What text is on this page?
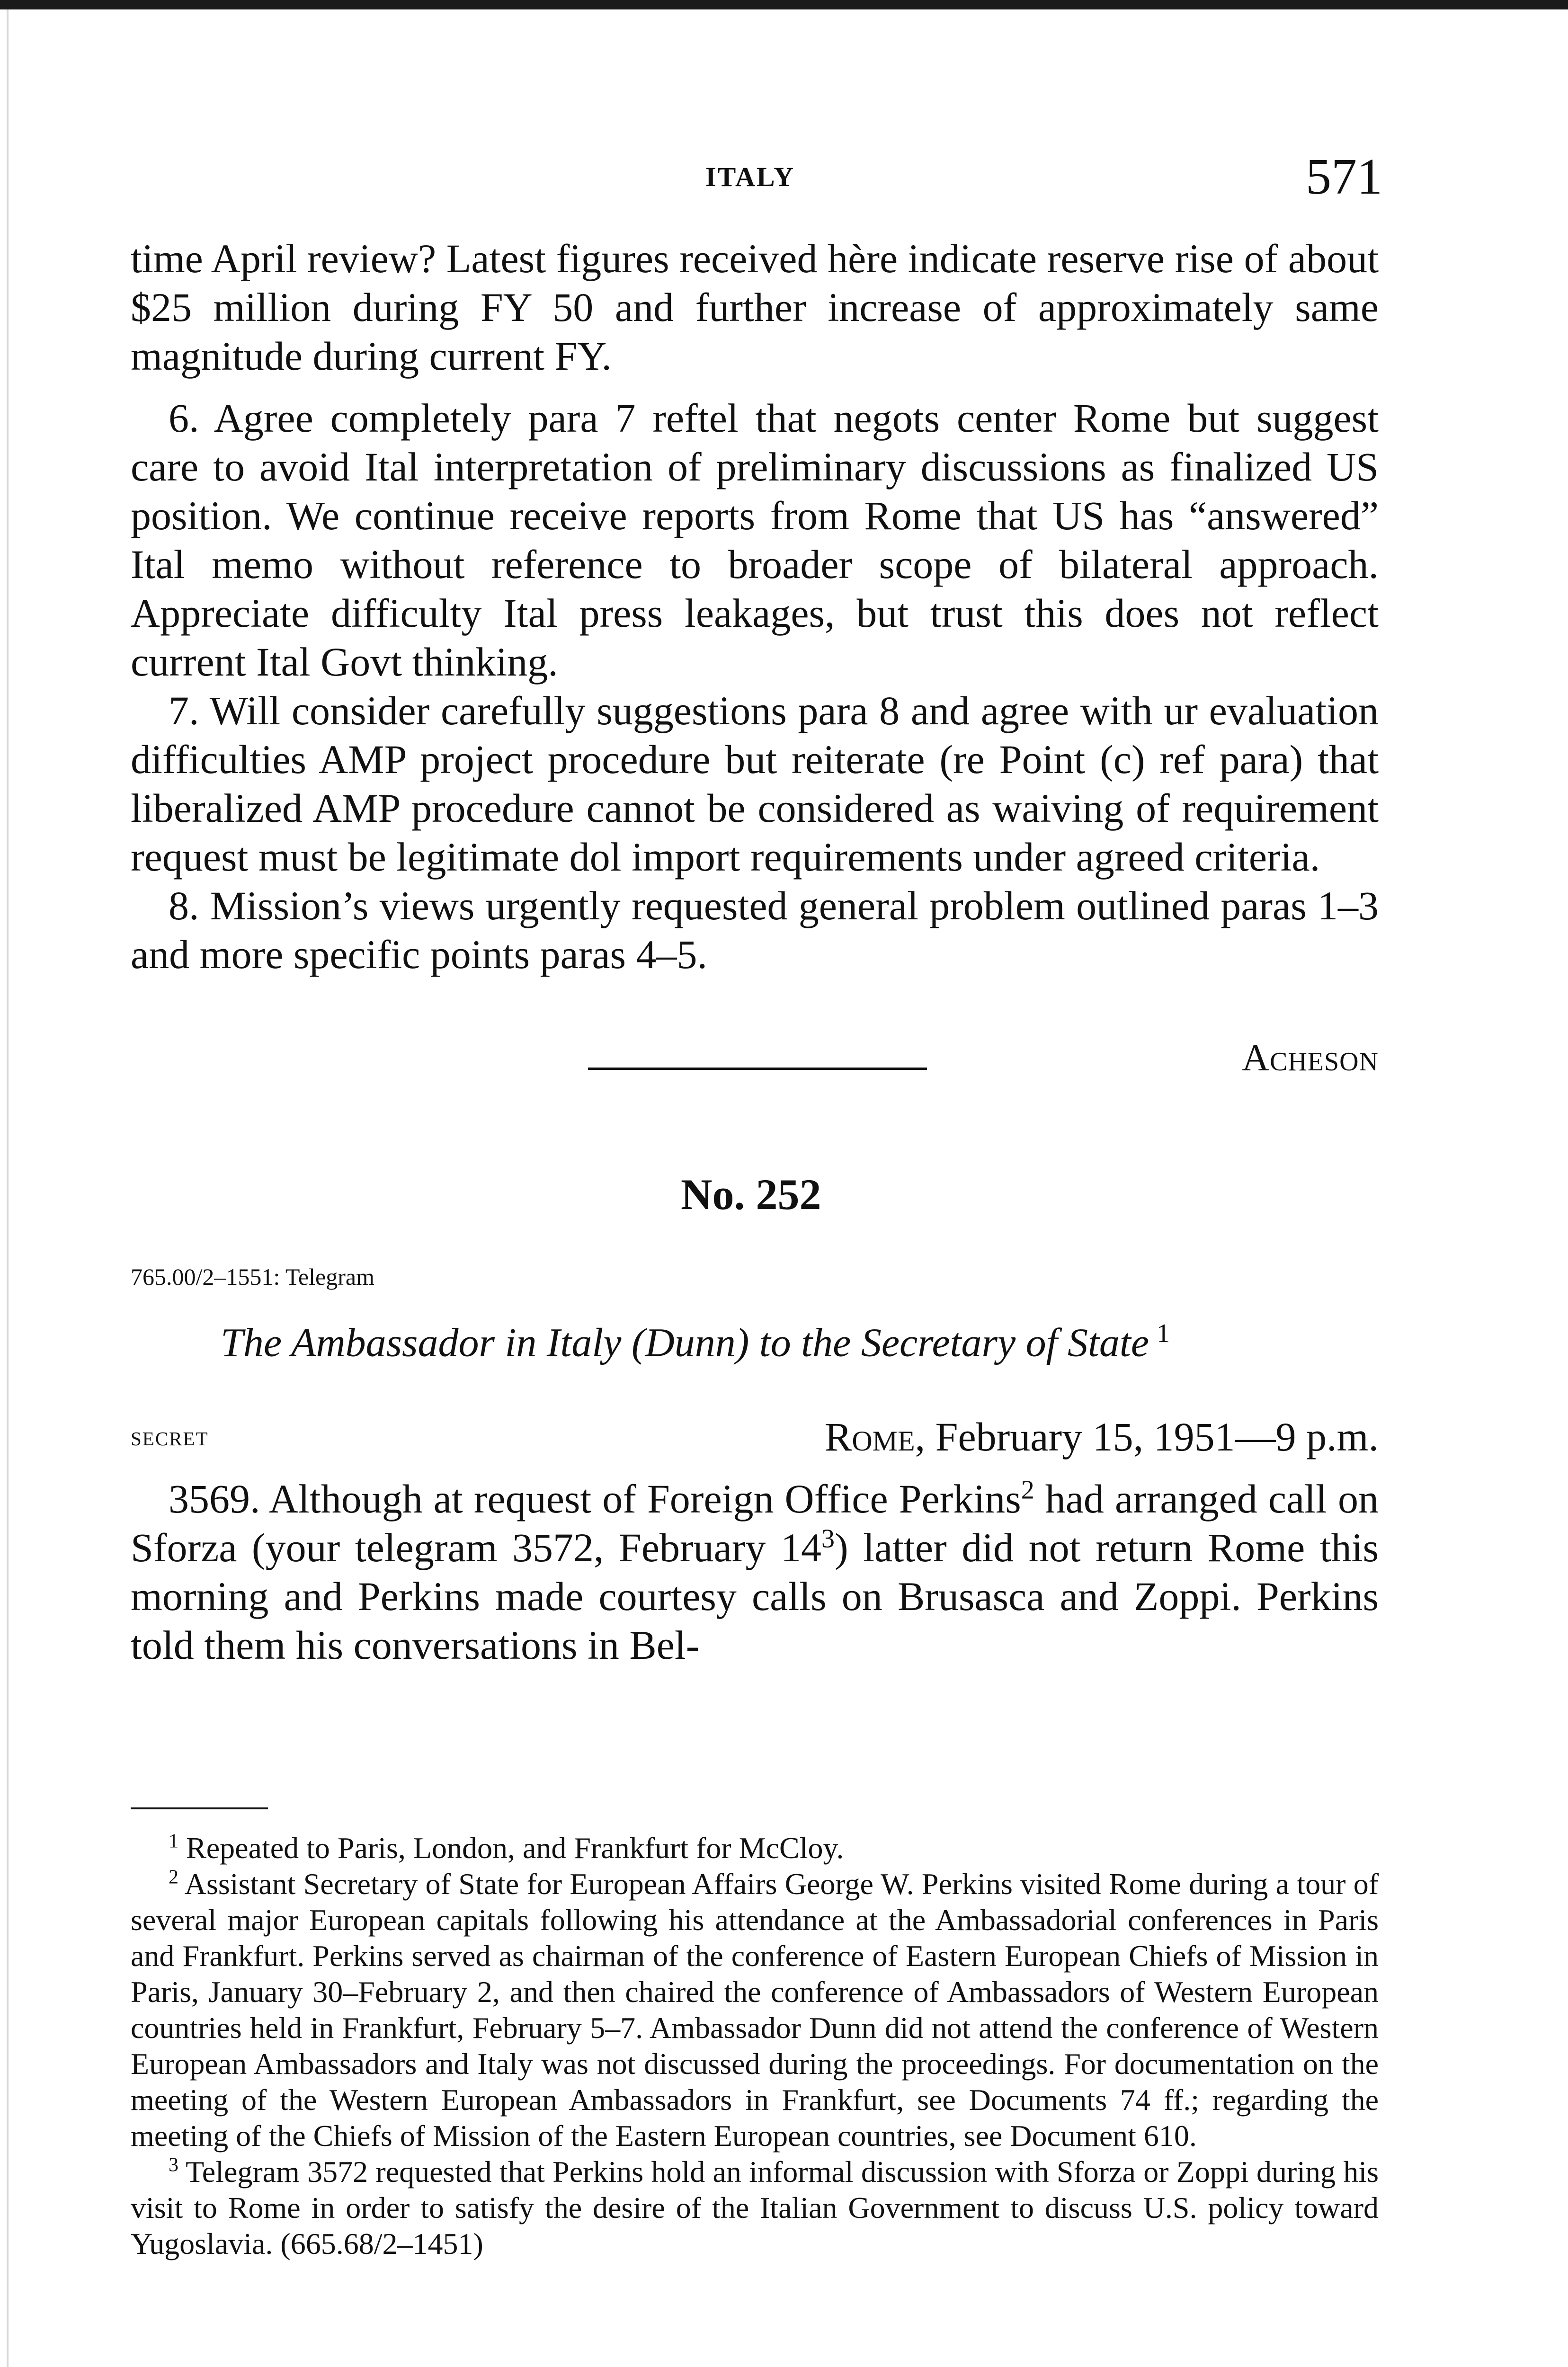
ITALY	571

time April review? Latest figures received hère indicate reserve rise of about $25 million during FY 50 and further increase of approximately same magnitude during current FY.

6. Agree completely para 7 reftel that negots center Rome but suggest care to avoid Ital interpretation of preliminary discussions as finalized US position. We continue receive reports from Rome that US has “answered” Ital memo without reference to broader scope of bilateral approach. Appreciate difficulty Ital press leakages, but trust this does not reflect current Ital Govt thinking.

7. Will consider carefully suggestions para 8 and agree with ur evaluation difficulties AMP project procedure but reiterate (re Point (c) ref para) that liberalized AMP procedure cannot be considered as waiving of requirement request must be legitimate dol import requirements under agreed criteria.

8. Mission’s views urgently requested general problem outlined paras 1–3 and more specific points paras 4–5.

Acheson
No. 252
765.00/2–1551: Telegram
The Ambassador in Italy (Dunn) to the Secretary of State $^1$
secret	Rome, February 15, 1951—9 p.m.

3569. Although at request of Foreign Office Perkins$^2$ had arranged call on Sforza (your telegram 3572, February 14$^3$) latter did not return Rome this morning and Perkins made courtesy calls on Brusasca and Zoppi. Perkins told them his conversations in Bel-

$^1$ Repeated to Paris, London, and Frankfurt for McCloy.

$^2$ Assistant Secretary of State for European Affairs George W. Perkins visited Rome during a tour of several major European capitals following his attendance at the Ambassadorial conferences in Paris and Frankfurt. Perkins served as chairman of the conference of Eastern European Chiefs of Mission in Paris, January 30–February 2, and then chaired the conference of Ambassadors of Western European countries held in Frankfurt, February 5–7. Ambassador Dunn did not attend the conference of Western European Ambassadors and Italy was not discussed during the proceedings. For documentation on the meeting of the Western European Ambassadors in Frankfurt, see Documents 74 ff.; regarding the meeting of the Chiefs of Mission of the Eastern European countries, see Document 610.

$^3$ Telegram 3572 requested that Perkins hold an informal discussion with Sforza or Zoppi during his visit to Rome in order to satisfy the desire of the Italian Government to discuss U.S. policy toward Yugoslavia. (665.68/2–1451)
